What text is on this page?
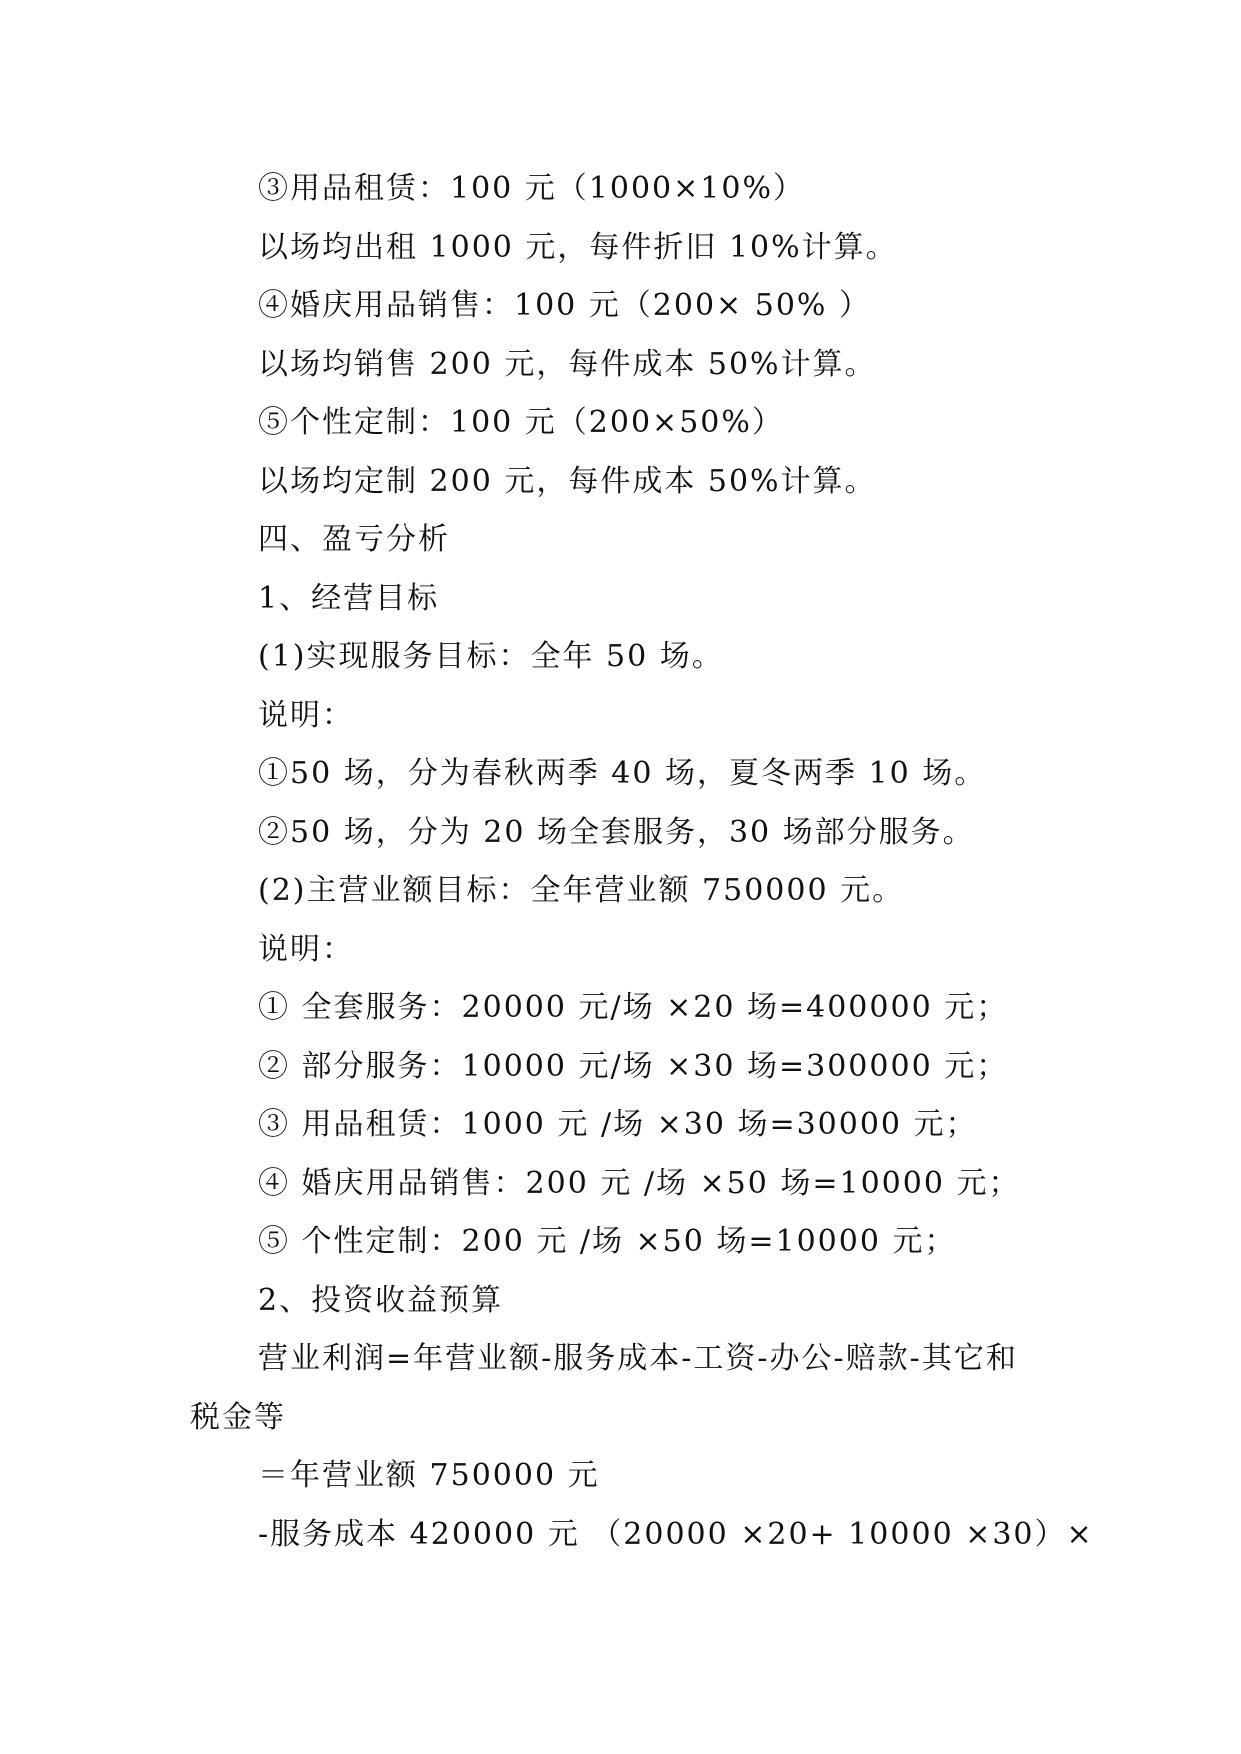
③用品租赁：100 元（1000×10%）
以场均出租 1000 元，每件折旧 10%计算。
④婚庆用品销售：100 元（200× 50% ）
以场均销售 200 元，每件成本 50%计算。
⑤个性定制：100 元（200×50%）
以场均定制 200 元，每件成本 50%计算。
四、盈亏分析
1、经营目标
(1)实现服务目标：全年 50 场。
说明：
①50 场，分为春秋两季 40 场，夏冬两季 10 场。
②50 场，分为 20 场全套服务，30 场部分服务。
(2)主营业额目标：全年营业额 750000 元。
说明：
① 全套服务：20000 元/场 ×20 场=400000 元；
② 部分服务：10000 元/场 ×30 场=300000 元；
③ 用品租赁：1000 元 /场 ×30 场=30000 元；
④ 婚庆用品销售：200 元 /场 ×50 场=10000 元；
⑤ 个性定制：200 元 /场 ×50 场=10000 元；
2、投资收益预算
营业利润=年营业额-服务成本-工资-办公-赔款-其它和
税金等
＝年营业额 750000 元
-服务成本 420000 元 （20000 ×20+ 10000 ×30）×
